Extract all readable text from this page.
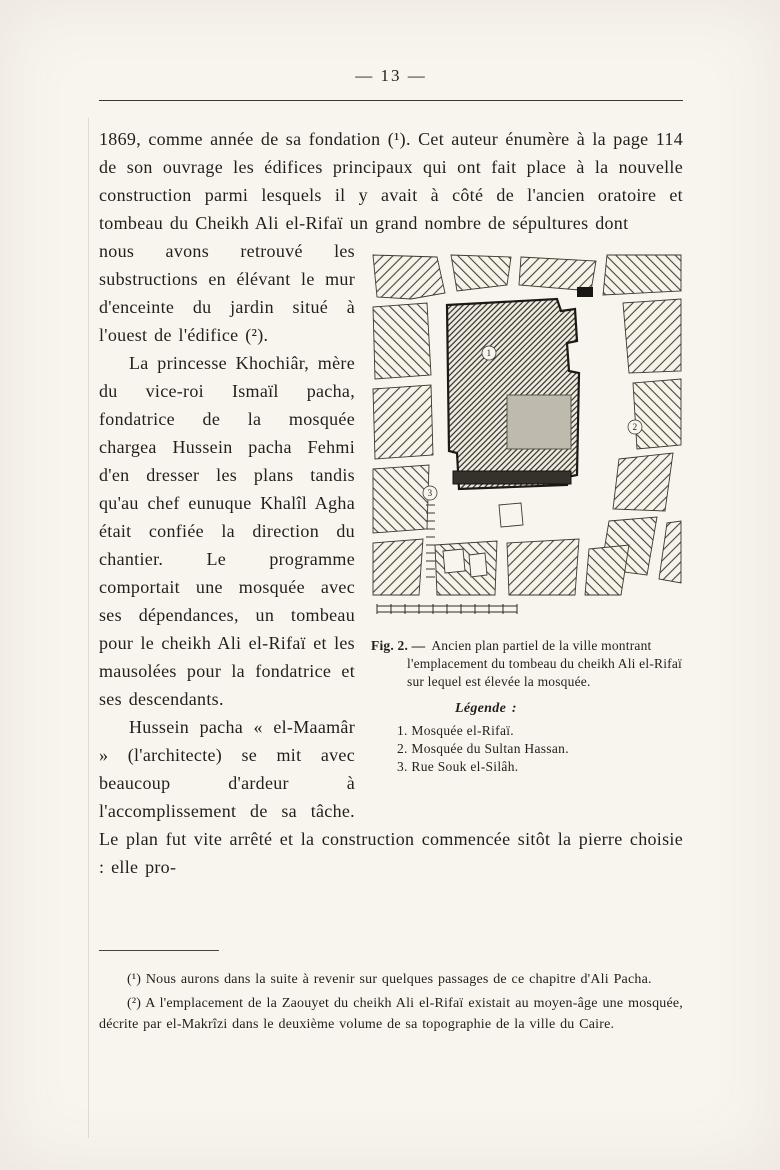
— 13 —

1869, comme année de sa fondation (¹). Cet auteur énumère à la page 114 de son ouvrage les édifices principaux qui ont fait place à la nouvelle construction parmi lesquels il y avait à côté de l'ancien oratoire et tombeau du Cheikh Ali el-Rifaï un grand nombre de sépultures dont

1
2
3
Fig. 2. — Ancien plan partiel de la ville montrant l'emplacement du tombeau du cheikh Ali el-Rifaï sur lequel est élevée la mosquée.
Légende :
1. Mosquée el-Rifaï.
2. Mosquée du Sultan Hassan.
3. Rue Souk el-Silâh.

nous avons retrouvé les substructions en élévant le mur d'enceinte du jardin situé à l'ouest de l'édifice (²).

La princesse Khochiâr, mère du vice-roi Ismaïl pacha, fondatrice de la mosquée chargea Hussein pacha Fehmi d'en dresser les plans tandis qu'au chef eunuque Khalîl Agha était confiée la direction du chantier. Le programme comportait une mosquée avec ses dépendances, un tombeau pour le cheikh Ali el-Rifaï et les mausolées pour la fondatrice et ses descendants.

Hussein pacha « el-Maamâr » (l'architecte) se mit avec beaucoup d'ardeur à l'accomplissement de sa tâche. Le plan fut vite arrêté et la construction commencée sitôt la pierre choisie : elle pro-

(¹) Nous aurons dans la suite à revenir sur quelques passages de ce chapitre d'Ali Pacha.

(²) A l'emplacement de la Zaouyet du cheikh Ali el-Rifaï existait au moyen-âge une mosquée, décrite par el-Makrîzi dans le deuxième volume de sa topographie de la ville du Caire.
